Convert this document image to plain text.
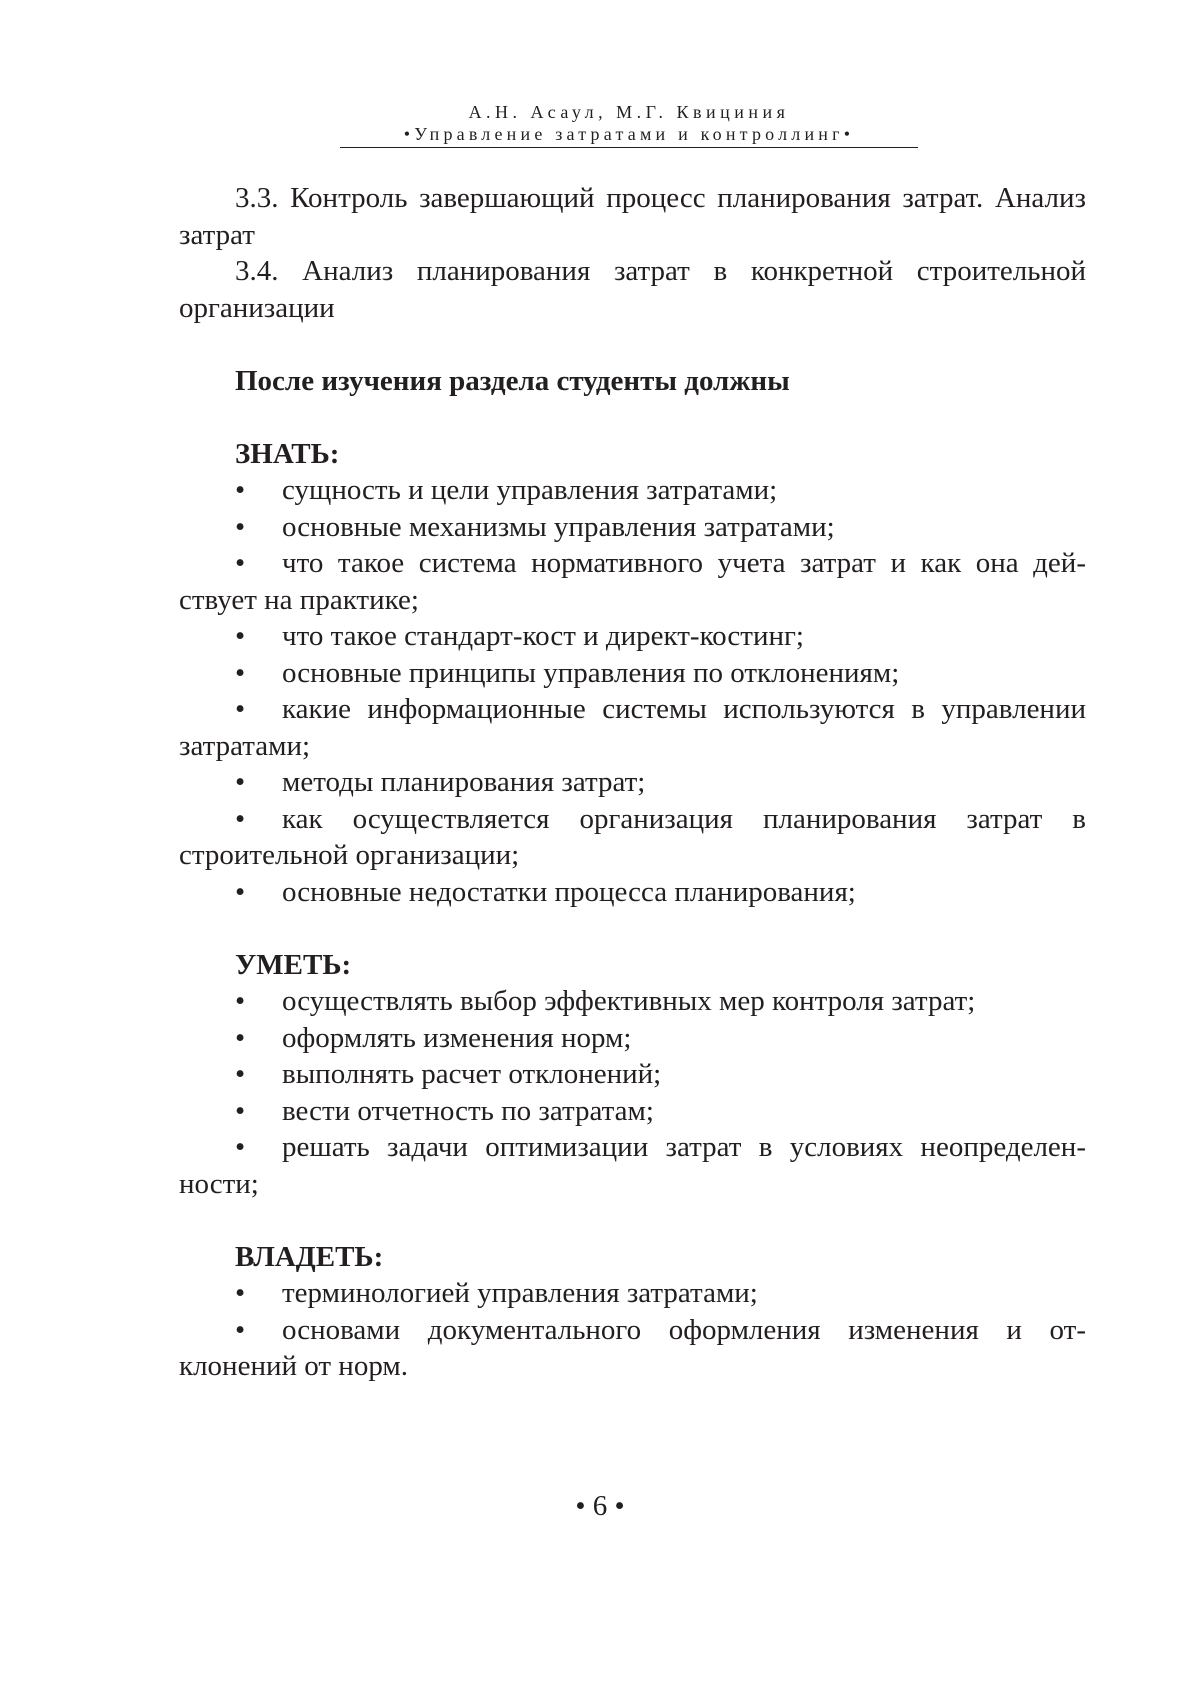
А.Н. Асаул, М.Г. Квициния
•Управление затратами и контроллинг•

3.3. Контроль завершающий процесс планирования затрат. Анализ затрат

3.4. Анализ планирования затрат в конкретной строительной организации

После изучения раздела студенты должны

ЗНАТЬ:

• сущность и цели управления затратами;

• основные механизмы управления затратами;

• что такое система нормативного учета затрат и как она действует на практике;

• что такое стандарт-кост и директ-костинг;

• основные принципы управления по отклонениям;

• какие информационные системы используются в управлении затратами;

• методы планирования затрат;

• как осуществляется организация планирования затрат в строительной организации;

• основные недостатки процесса планирования;

УМЕТЬ:

• осуществлять выбор эффективных мер контроля затрат;

• оформлять изменения норм;

• выполнять расчет отклонений;

• вести отчетность по затратам;

• решать задачи оптимизации затрат в условиях неопределенности;

ВЛАДЕТЬ:

• терминологией управления затратами;

• основами документального оформления изменения и отклонений от норм.

• 6 •
